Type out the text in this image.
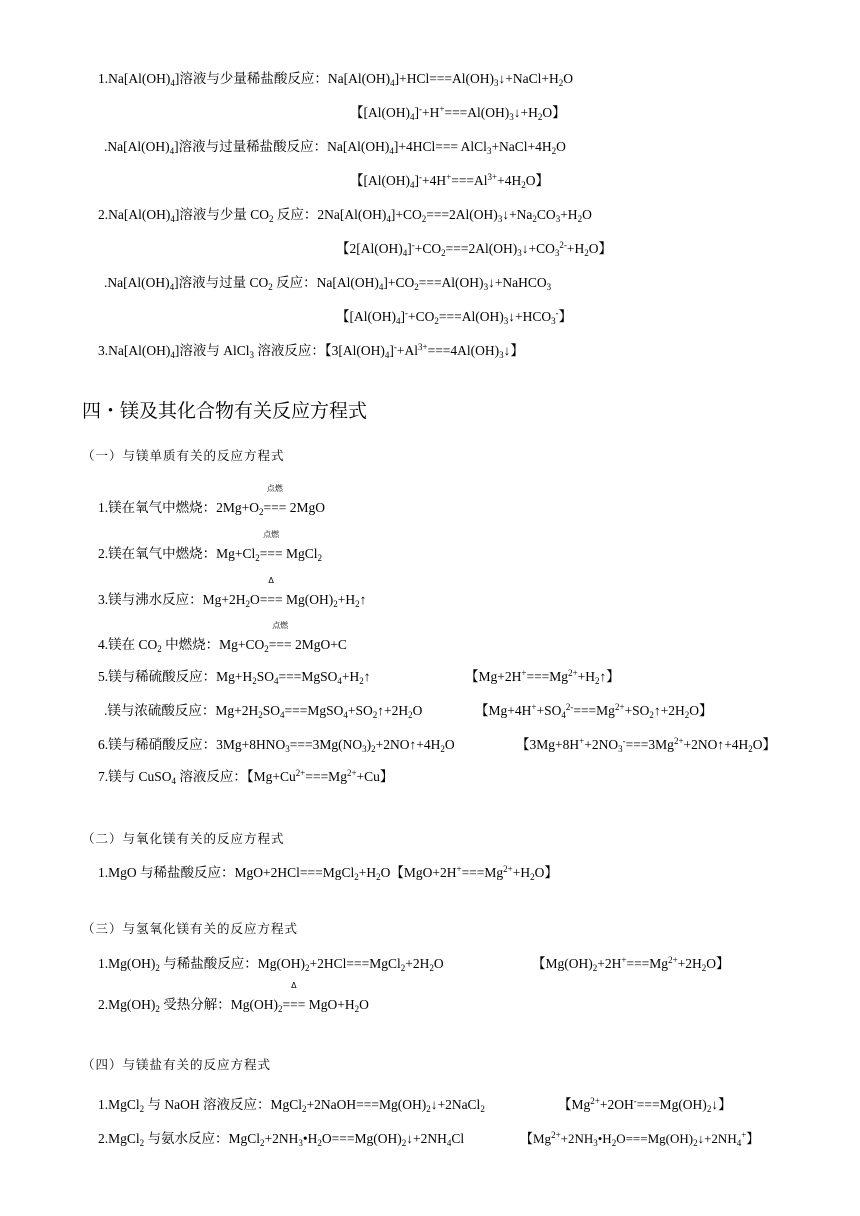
$1.Na[Al(OH)_4]$溶液与少量稀盐酸反应：$Na[Al(OH)_4]+HCl===Al(OH)_3↓+NaCl+H_2O$
【$[Al(OH)_4]^-+H^+===Al(OH)_3↓+H_2O$】
$.Na[Al(OH)_4]$溶液与过量稀盐酸反应：$Na[Al(OH)_4]+4HCl===$ $AlCl_3+NaCl+4H_2O$
【$[Al(OH)_4]^-+4H^+===Al^{3+}+4H_2O$】
$2.Na[Al(OH)_4]$溶液与少量 $CO_2$ 反应：$2Na[Al(OH)_4]+CO_2===2Al(OH)_3↓+Na_2CO_3+H_2O$
【$2[Al(OH)_4]^-+CO_2===2Al(OH)_3↓+CO_3^{2-}+H_2O$】
$.Na[Al(OH)_4]$溶液与过量 $CO_2$ 反应：$Na[Al(OH)_4]+CO_2===Al(OH)_3↓+NaHCO_3$
【$[Al(OH)_4]^-+CO_2===Al(OH)_3↓+HCO_3^-$】
$3.Na[Al(OH)_4]$溶液与 AlCl$_3$ 溶液反应：【$3[Al(OH)_4]^-+Al^{3+}===4Al(OH)_3↓$】
四・镁及其化合物有关反应方程式
（一）与镁单质有关的反应方程式
1.镁在氧气中燃烧：$2Mg+O_2$
点燃
=== 2MgO
2.镁在氧气中燃烧：$Mg+Cl_2$
点燃
=== MgCl$_2$
3.镁与沸水反应：$Mg+2H_2O$
Δ
=== $Mg(OH)_2+H_2↑$
4.镁在 $CO_2$ 中燃烧：$Mg+CO_2$
点燃
=== 2MgO+C
5.镁与稀硫酸反应：$Mg+H_2SO_4===MgSO_4+H_2↑$	【$Mg+2H^+===Mg^{2+}+H_2↑$】
.镁与浓硫酸反应：$Mg+2H_2SO_4===MgSO_4+SO_2↑+2H_2O$	【$Mg+4H^++SO_4^{2-}===Mg^{2+}+SO_2↑+2H_2O$】
6.镁与稀硝酸反应：$3Mg+8HNO_3===3Mg(NO_3)_2+2NO↑+4H_2O$	【$3Mg+8H^++2NO_3^-===3Mg^{2+}+2NO↑+4H_2O$】
7.镁与 CuSO$_4$ 溶液反应：【$Mg+Cu^{2+}===Mg^{2+}+Cu$】
（二）与氧化镁有关的反应方程式
1.MgO 与稀盐酸反应：$MgO+2HCl===MgCl_2+H_2O$【$MgO+2H^+===Mg^{2+}+H_2O$】
（三）与氢氧化镁有关的反应方程式
$1.Mg(OH)_2$ 与稀盐酸反应：$Mg(OH)_2+2HCl===MgCl_2+2H_2O$	【$Mg(OH)_2+2H^+===Mg^{2+}+2H_2O$】
$2.Mg(OH)_2$ 受热分解：$Mg(OH)_2$
Δ
=== $MgO+H_2O$
（四）与镁盐有关的反应方程式
1.MgCl$_2$ 与 NaOH 溶液反应：$MgCl_2+2NaOH===Mg(OH)_2↓+2NaCl_2$	【$Mg^{2+}+2OH^-===Mg(OH)_2↓$】
2.MgCl$_2$ 与氨水反应：$MgCl_2+2NH_3•H_2O===Mg(OH)_2↓+2NH_4Cl$	【$Mg^{2+}+2NH_3•H_2O===Mg(OH)_2↓+2NH_4^+$】
